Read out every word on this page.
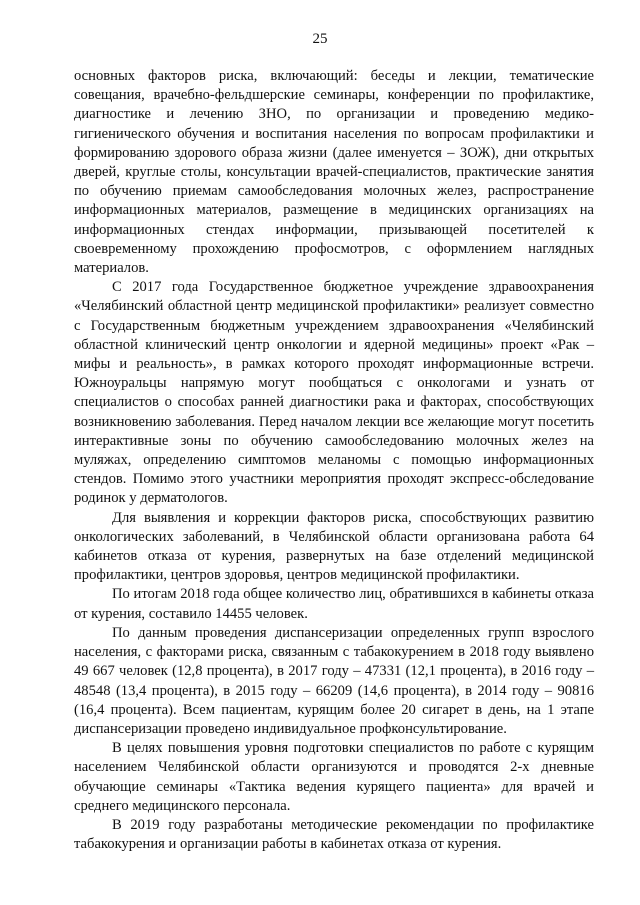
25

основных факторов риска, включающий: беседы и лекции, тематические совещания, врачебно-фельдшерские семинары, конференции по профилактике, диагностике и лечению ЗНО, по организации и проведению медико-гигиенического обучения и воспитания населения по вопросам профилактики и формированию здорового образа жизни (далее именуется – ЗОЖ), дни открытых дверей, круглые столы, консультации врачей-специалистов, практические занятия по обучению приемам самообследования молочных желез, распространение информационных материалов, размещение в медицинских организациях на информационных стендах информации, призывающей посетителей к своевременному прохождению профосмотров, с оформлением наглядных материалов.

С 2017 года Государственное бюджетное учреждение здравоохранения «Челябинский областной центр медицинской профилактики» реализует совместно с Государственным бюджетным учреждением здравоохранения «Челябинский областной клинический центр онкологии и ядерной медицины» проект «Рак – мифы и реальность», в рамках которого проходят информационные встречи. Южноуральцы напрямую могут пообщаться с онкологами и узнать от специалистов о способах ранней диагностики рака и факторах, способствующих возникновению заболевания. Перед началом лекции все желающие могут посетить интерактивные зоны по обучению самообследованию молочных желез на муляжах, определению симптомов меланомы с помощью информационных стендов. Помимо этого участники мероприятия проходят экспресс-обследование родинок у дерматологов.

Для выявления и коррекции факторов риска, способствующих развитию онкологических заболеваний, в Челябинской области организована работа 64 кабинетов отказа от курения, развернутых на базе отделений медицинской профилактики, центров здоровья, центров медицинской профилактики.

По итогам 2018 года общее количество лиц, обратившихся в кабинеты отказа от курения, составило 14455 человек.

По данным проведения диспансеризации определенных групп взрослого населения, с факторами риска, связанным с табакокурением в 2018 году выявлено 49 667 человек (12,8 процента), в 2017 году – 47331 (12,1 процента), в 2016 году – 48548 (13,4 процента), в 2015 году – 66209 (14,6 процента), в 2014 году – 90816 (16,4 процента). Всем пациентам, курящим более 20 сигарет в день, на 1 этапе диспансеризации проведено индивидуальное профконсультирование.

В целях повышения уровня подготовки специалистов по работе с курящим населением Челябинской области организуются и проводятся 2-х дневные обучающие семинары «Тактика ведения курящего пациента» для врачей и среднего медицинского персонала.

В 2019 году разработаны методические рекомендации по профилактике табакокурения и организации работы в кабинетах отказа от курения.
